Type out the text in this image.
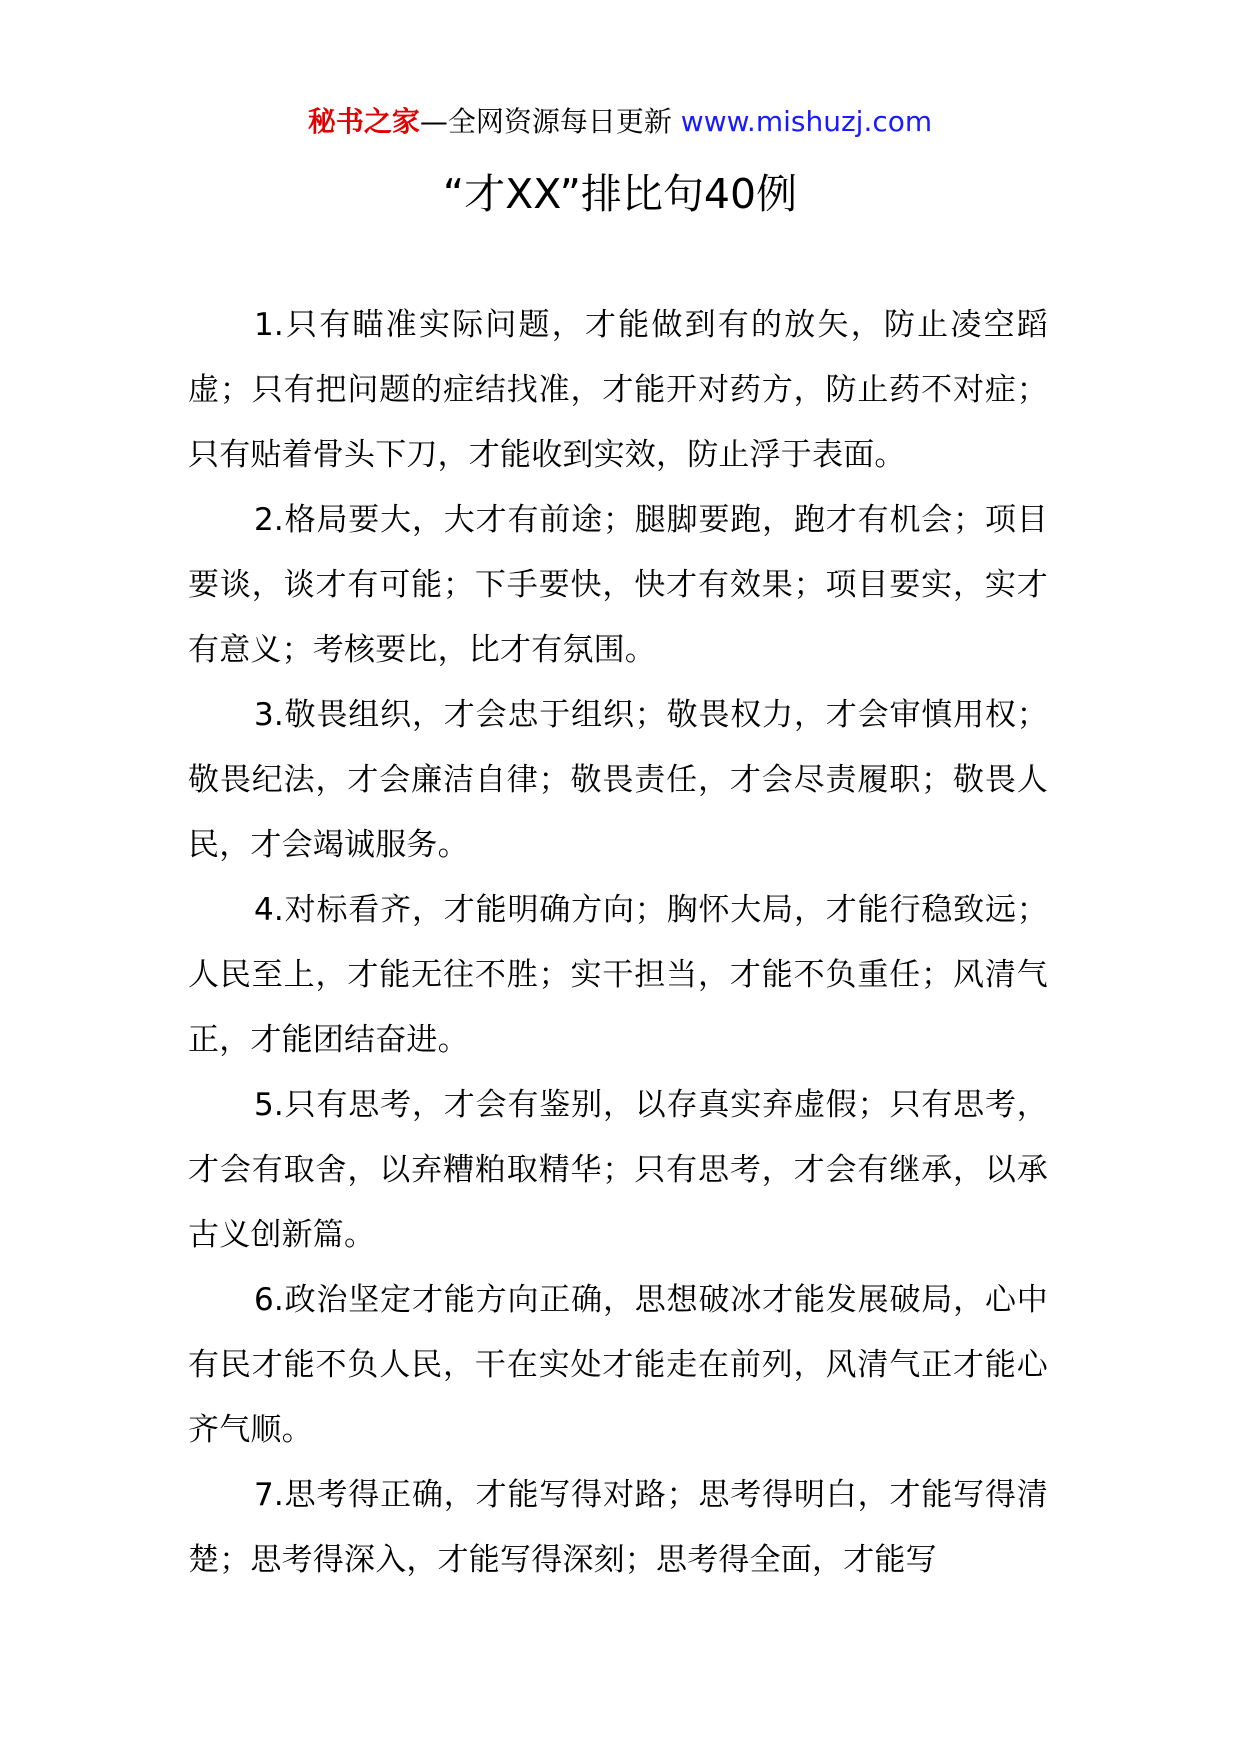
秘书之家—全网资源每日更新 www.mishuzj.com
“才XX”排比句40例

1.只有瞄准实际问题，才能做到有的放矢，防止凌空蹈虚；只有把问题的症结找准，才能开对药方，防止药不对症；只有贴着骨头下刀，才能收到实效，防止浮于表面。

2.格局要大，大才有前途；腿脚要跑，跑才有机会；项目要谈，谈才有可能；下手要快，快才有效果；项目要实，实才有意义；考核要比，比才有氛围。

3.敬畏组织，才会忠于组织；敬畏权力，才会审慎用权；敬畏纪法，才会廉洁自律；敬畏责任，才会尽责履职；敬畏人民，才会竭诚服务。

4.对标看齐，才能明确方向；胸怀大局，才能行稳致远；人民至上，才能无往不胜；实干担当，才能不负重任；风清气正，才能团结奋进。

5.只有思考，才会有鉴别，以存真实弃虚假；只有思考，才会有取舍，以弃糟粕取精华；只有思考，才会有继承，以承古义创新篇。

6.政治坚定才能方向正确，思想破冰才能发展破局，心中有民才能不负人民，干在实处才能走在前列，风清气正才能心齐气顺。

7.思考得正确，才能写得对路；思考得明白，才能写得清楚；思考得深入，才能写得深刻；思考得全面，才能写
